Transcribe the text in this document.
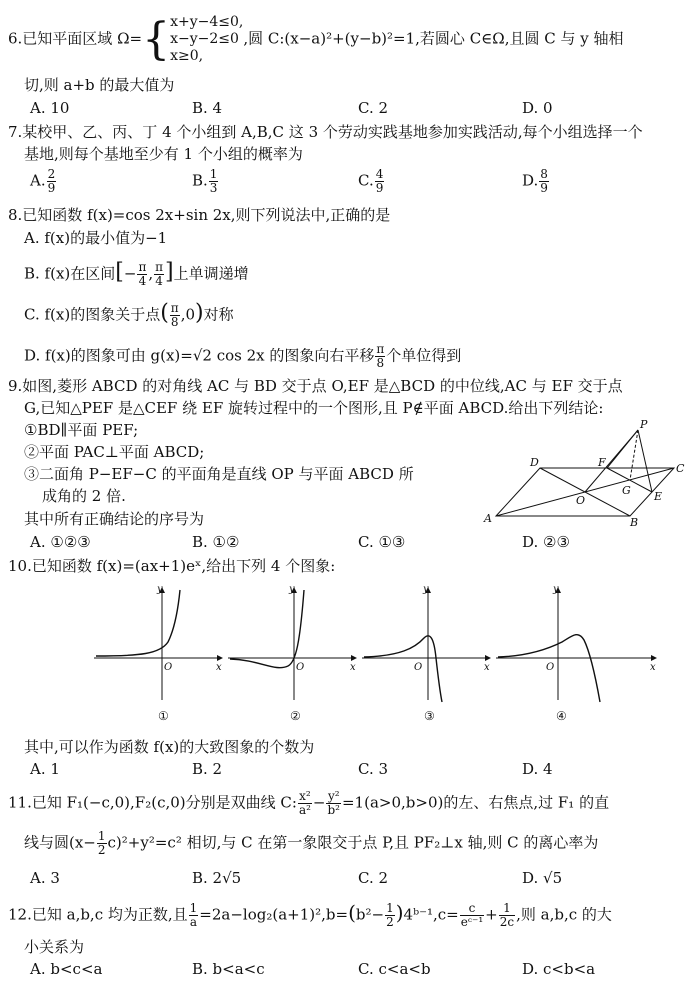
6.已知平面区域 Ω={ x+y−4≤0,
x−y−2≤0
x≥0,
,圆 C:(x−a)²+(y−b)²=1,若圆心 C∈Ω,且圆 C 与 y 轴相
切,则 a+b 的最大值为
A. 10	B. 4	C. 2	D. 0
7.某校甲、乙、丙、丁 4 个小组到 A,B,C 这 3 个劳动实践基地参加实践活动,每个小组选择一个
基地,则每个基地至少有 1 个小组的概率为
A. $\frac{2}{9}$	B. $\frac{1}{3}$	C. $\frac{4}{9}$	D. $\frac{8}{9}$
8.已知函数 f(x)=cos 2x+sin 2x,则下列说法中,正确的是
A. f(x)的最小值为−1
B. f(x)在区间[− $\frac{\pi}{4}$ , $\frac{\pi}{4}$ ]上单调递增
C. f(x)的图象关于点( $\frac{\pi}{8} ,0$)对称
D. f(x)的图象可由 g(x)=√2 cos 2x 的图象向右平移 $\frac{\pi}{8}$ 个单位得到
9.如图,菱形 ABCD 的对角线 AC 与 BD 交于点 O,EF 是△BCD 的中位线,AC 与 EF 交于点
G,已知△PEF 是△CEF 绕 EF 旋转过程中的一个图形,且 P∉平面 ABCD.给出下列结论:
①BD∥平面 PEF;
②平面 PAC⊥平面 ABCD;
③二面角 P−EF−C 的平面角是直线 OP 与平面 ABCD 所
成角的 2 倍.
其中所有正确结论的序号为
A. ①②③	B. ①②	C. ①③	D. ②③
P
D	F	C
G
O	E
A	B
10.已知函数 f(x)=(ax+1)eˣ,给出下列 4 个图象:
y
x
O
①
y
x
O
②
y
x
O
③
y
x
O
④
其中,可以作为函数 f(x)的大致图象的个数为
A. 1	B. 2	C. 3	D. 4
11.已知 F₁(−c,0),F₂(c,0)分别是双曲线 C: $\frac{\text{x²}}{\text{a²}} - \frac{\text{y²}}{\text{b²}} =1(a>0,b>0)$的左、右焦点,过 F₁ 的直
线与圆$(x- \frac{1}{2} c)^2+y^2=c^2$ 相切,与 C 在第一象限交于点 P,且 PF₂⊥x 轴,则 C 的离心率为
A. 3	B. 2√5	C. 2	D. √5
12.已知 a,b,c 均为正数,且 $\frac{1}{a} =2a-\log_2(a+1)^2,b=(b^2- \frac{1}{2}$ )4ᵇ⁻¹,c= $\frac{c}{\text{eᶜ⁻¹}} + \frac{1}{2c}$ ,则 a,b,c 的大
小关系为
A. b<c<a	B. b<a<c	C. c<a<b	D. c<b<a
